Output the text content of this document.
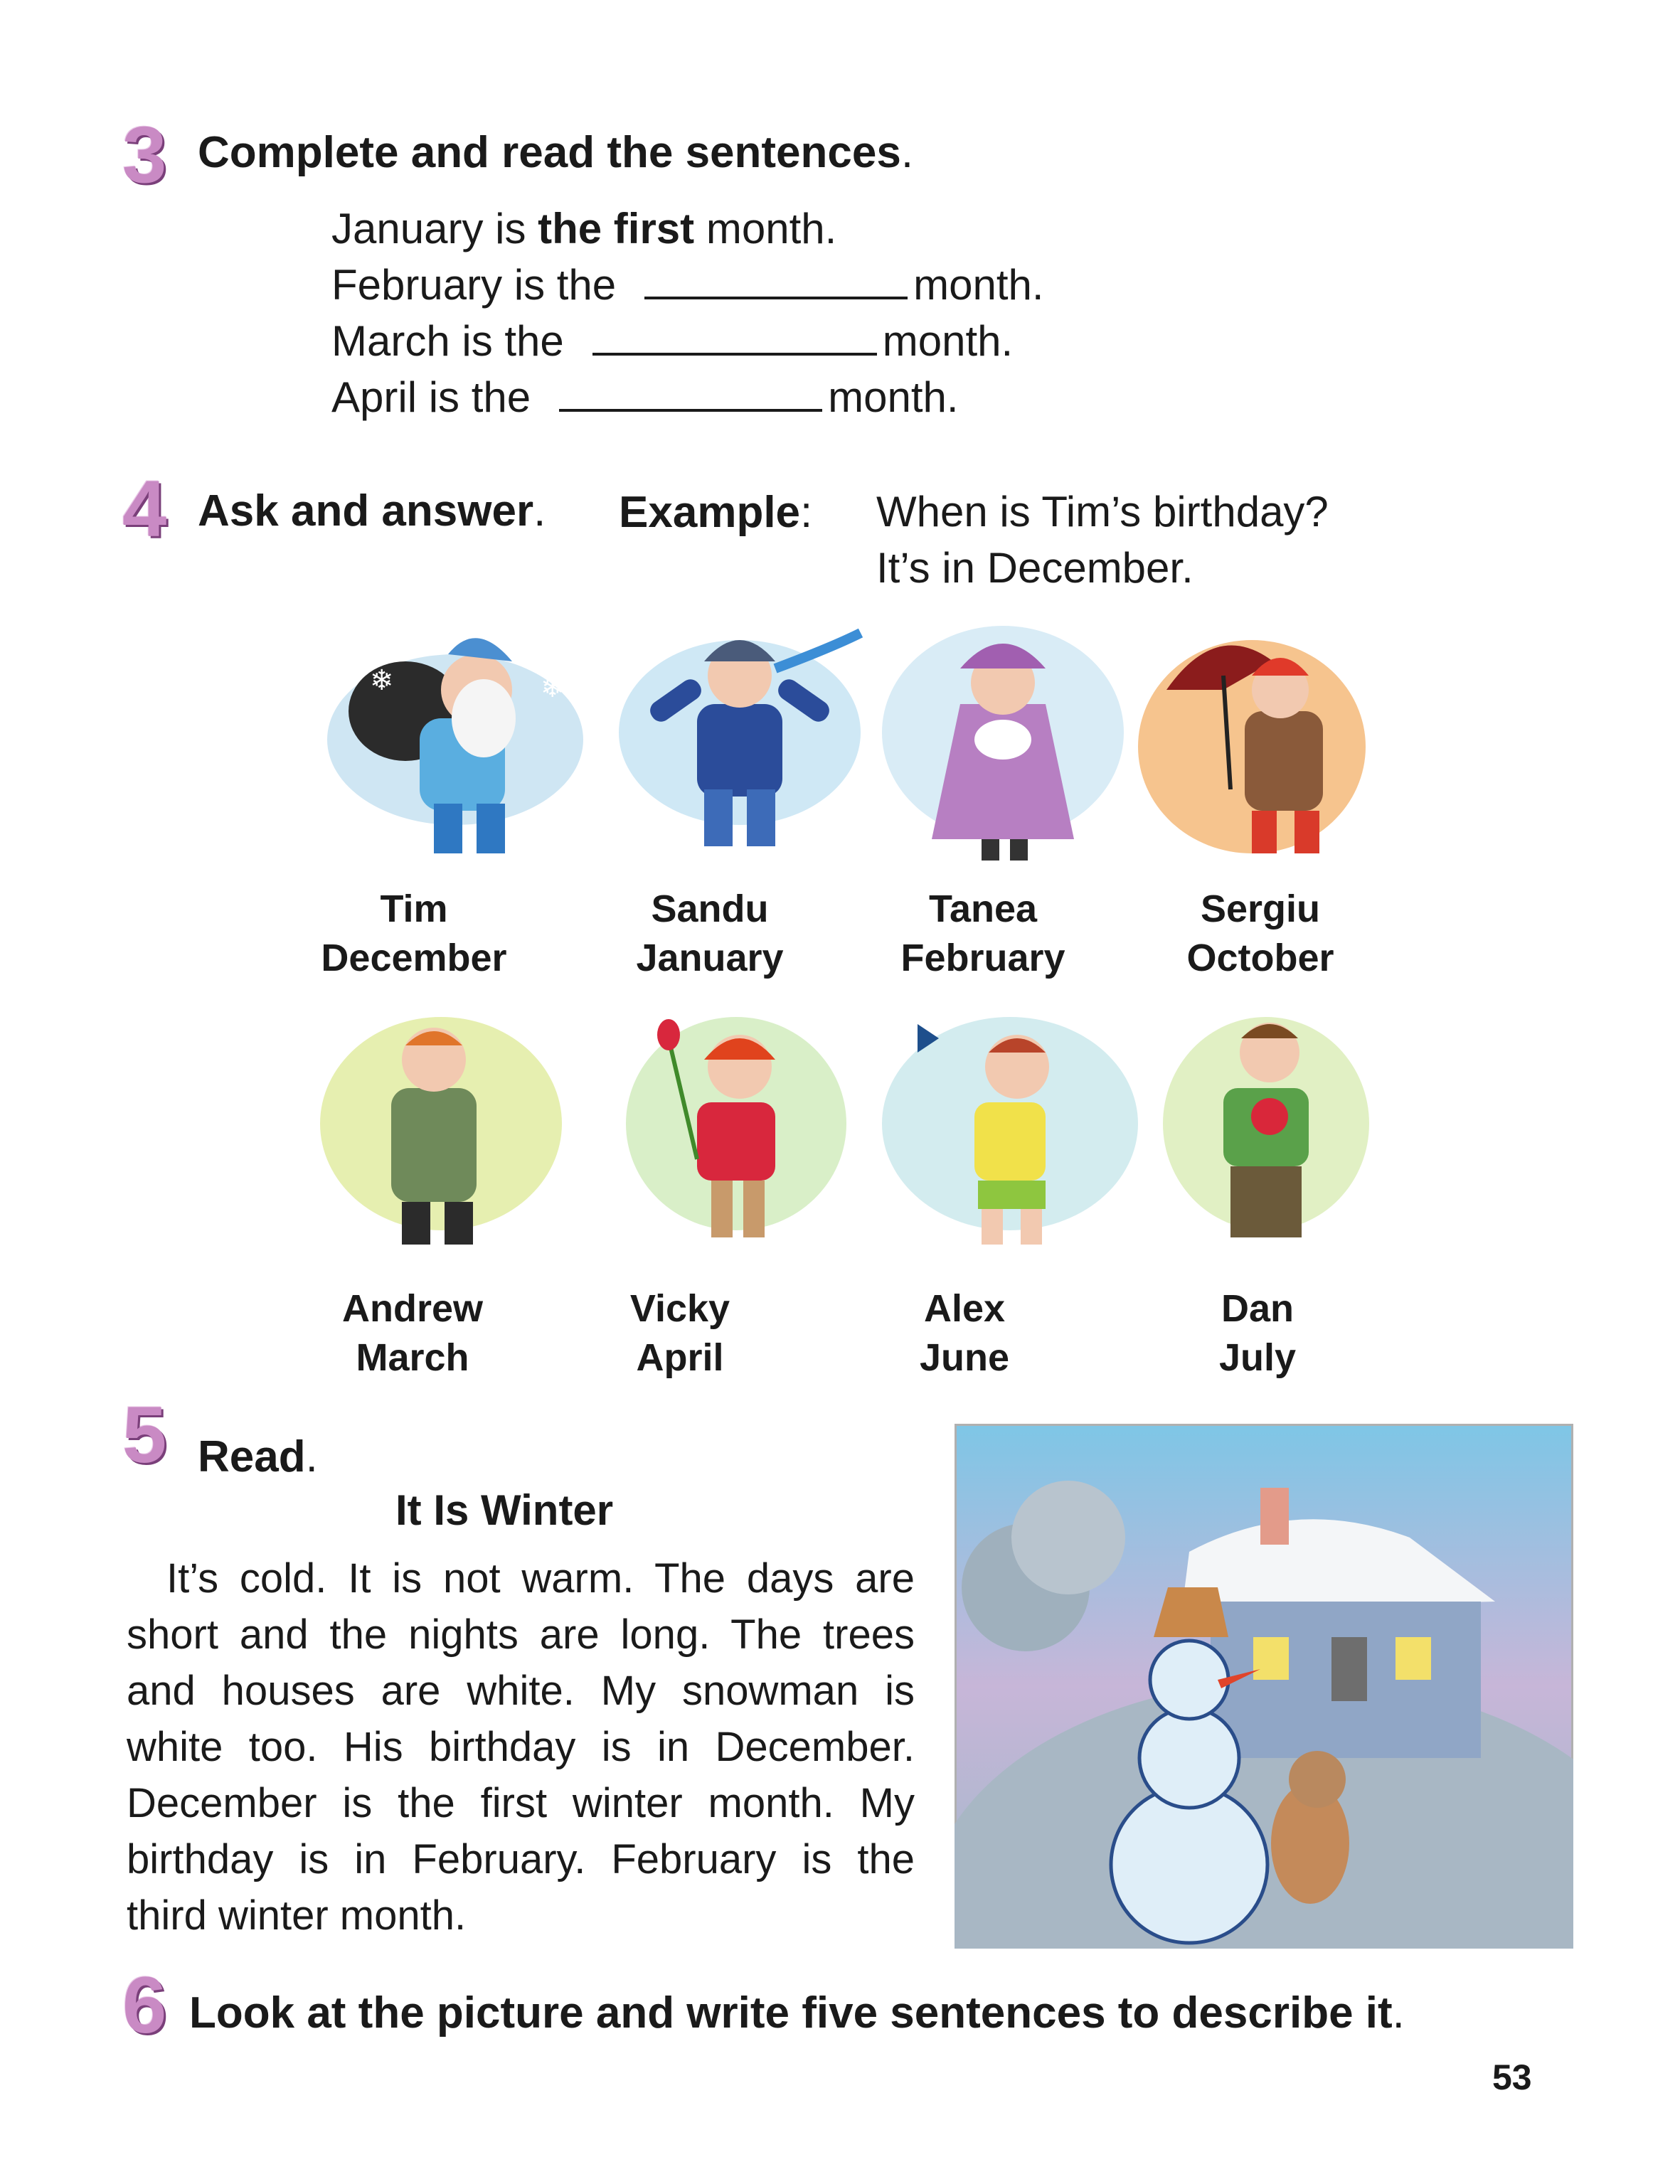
3 Complete and read the sentences.
January is the first month.
February is the	month.
March is the	month.
April is the	month.
4 Ask and answer. Example: When is Tim’s birthday?
It’s in December.
❄	❄
Tim
December
Sandu
January
Tanea
February
Sergiu
October
Andrew
March
Vicky
April
Alex
June
Dan
July
5 Read.
It Is Winter

It’s cold. It is not warm. The days are short and the nights are long. The trees and houses are white. My snowman is white too. His birthday is in December. December is the first winter month. My birthday is in February. February is the third winter month.

6 Look at the picture and write five sentences to describe it.
53
